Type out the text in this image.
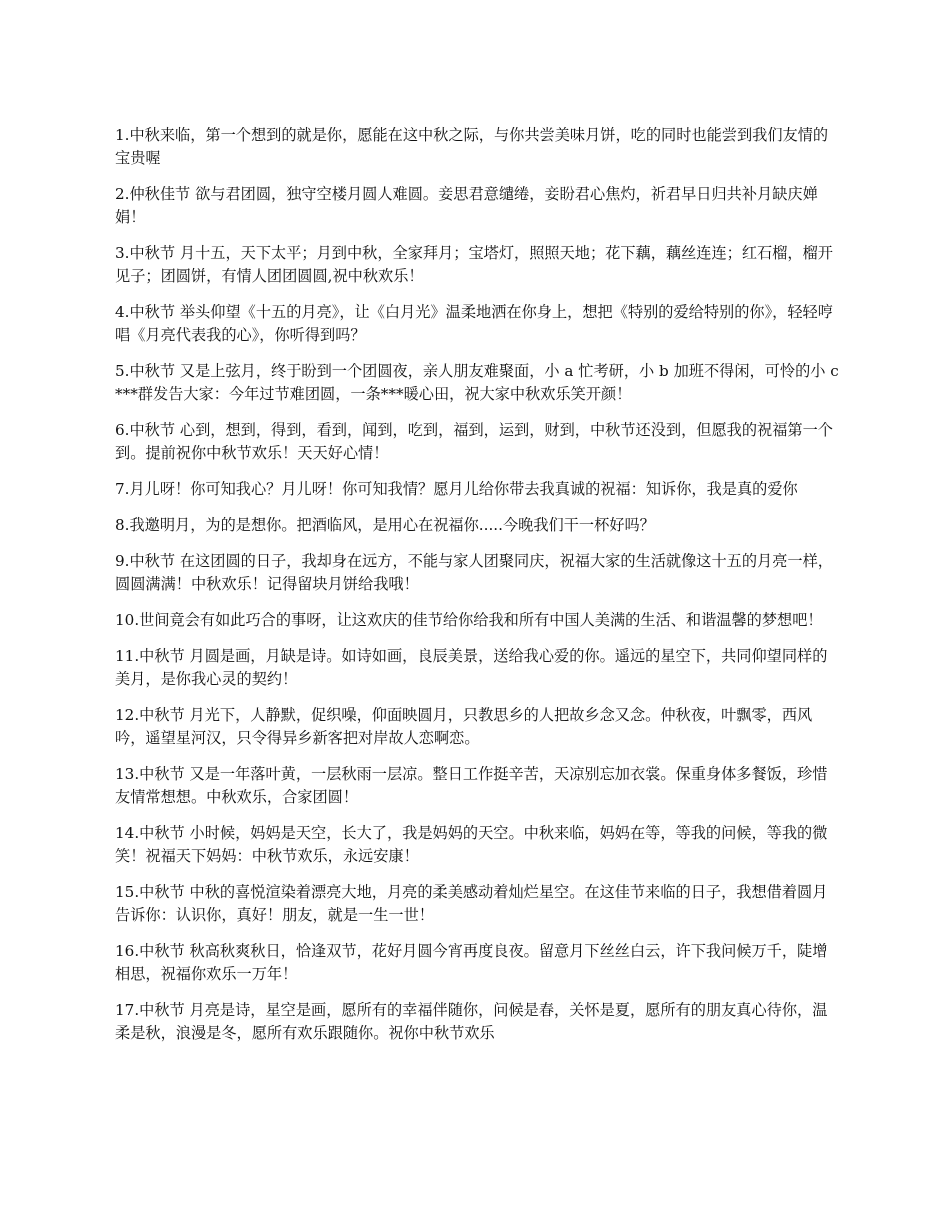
1.中秋来临，第一个想到的就是你，愿能在这中秋之际，与你共尝美味月饼，吃的同时也能尝到我们友情的宝贵喔

2.仲秋佳节 欲与君团圆，独守空楼月圆人难圆。妾思君意缱绻，妾盼君心焦灼，祈君早日归共补月缺庆婵娟！

3.中秋节 月十五，天下太平；月到中秋，全家拜月；宝塔灯，照照天地；花下藕，藕丝连连；红石榴，榴开见子；团圆饼，有情人团团圆圆,祝中秋欢乐！

4.中秋节 举头仰望《十五的月亮》，让《白月光》温柔地洒在你身上，想把《特别的爱给特别的你》，轻轻哼唱《月亮代表我的心》，你听得到吗？

5.中秋节 又是上弦月，终于盼到一个团圆夜，亲人朋友难聚面，小 a 忙考研，小 b 加班不得闲，可怜的小 c***群发告大家：今年过节难团圆，一条***暖心田，祝大家中秋欢乐笑开颜！

6.中秋节 心到，想到，得到，看到，闻到，吃到，福到，运到，财到，中秋节还没到，但愿我的祝福第一个到。提前祝你中秋节欢乐！天天好心情！

7.月儿呀！你可知我心？月儿呀！你可知我情？愿月儿给你带去我真诚的祝福：知诉你，我是真的爱你

8.我邀明月，为的是想你。把酒临风，是用心在祝福你.....今晚我们干一杯好吗？

9.中秋节 在这团圆的日子，我却身在远方，不能与家人团聚同庆，祝福大家的生活就像这十五的月亮一样，圆圆满满！中秋欢乐！记得留块月饼给我哦！

10.世间竟会有如此巧合的事呀，让这欢庆的佳节给你给我和所有中国人美满的生活、和谐温馨的梦想吧！

11.中秋节 月圆是画，月缺是诗。如诗如画，良辰美景，送给我心爱的你。遥远的星空下，共同仰望同样的美月，是你我心灵的契约！

12.中秋节 月光下，人静默，促织噪，仰面映圆月，只教思乡的人把故乡念又念。仲秋夜，叶飘零，西风吟，遥望星河汉，只令得异乡新客把对岸故人恋啊恋。

13.中秋节 又是一年落叶黄，一层秋雨一层凉。整日工作挺辛苦，天凉别忘加衣裳。保重身体多餐饭，珍惜友情常想想。中秋欢乐，合家团圆！

14.中秋节 小时候，妈妈是天空，长大了，我是妈妈的天空。中秋来临，妈妈在等，等我的问候，等我的微笑！祝福天下妈妈：中秋节欢乐，永远安康！

15.中秋节 中秋的喜悦渲染着漂亮大地，月亮的柔美感动着灿烂星空。在这佳节来临的日子，我想借着圆月告诉你：认识你，真好！朋友，就是一生一世！

16.中秋节 秋高秋爽秋日，恰逢双节，花好月圆今宵再度良夜。留意月下丝丝白云，许下我问候万千，陡增相思，祝福你欢乐一万年！

17.中秋节 月亮是诗，星空是画，愿所有的幸福伴随你，问候是春，关怀是夏，愿所有的朋友真心待你，温柔是秋，浪漫是冬，愿所有欢乐跟随你。祝你中秋节欢乐
